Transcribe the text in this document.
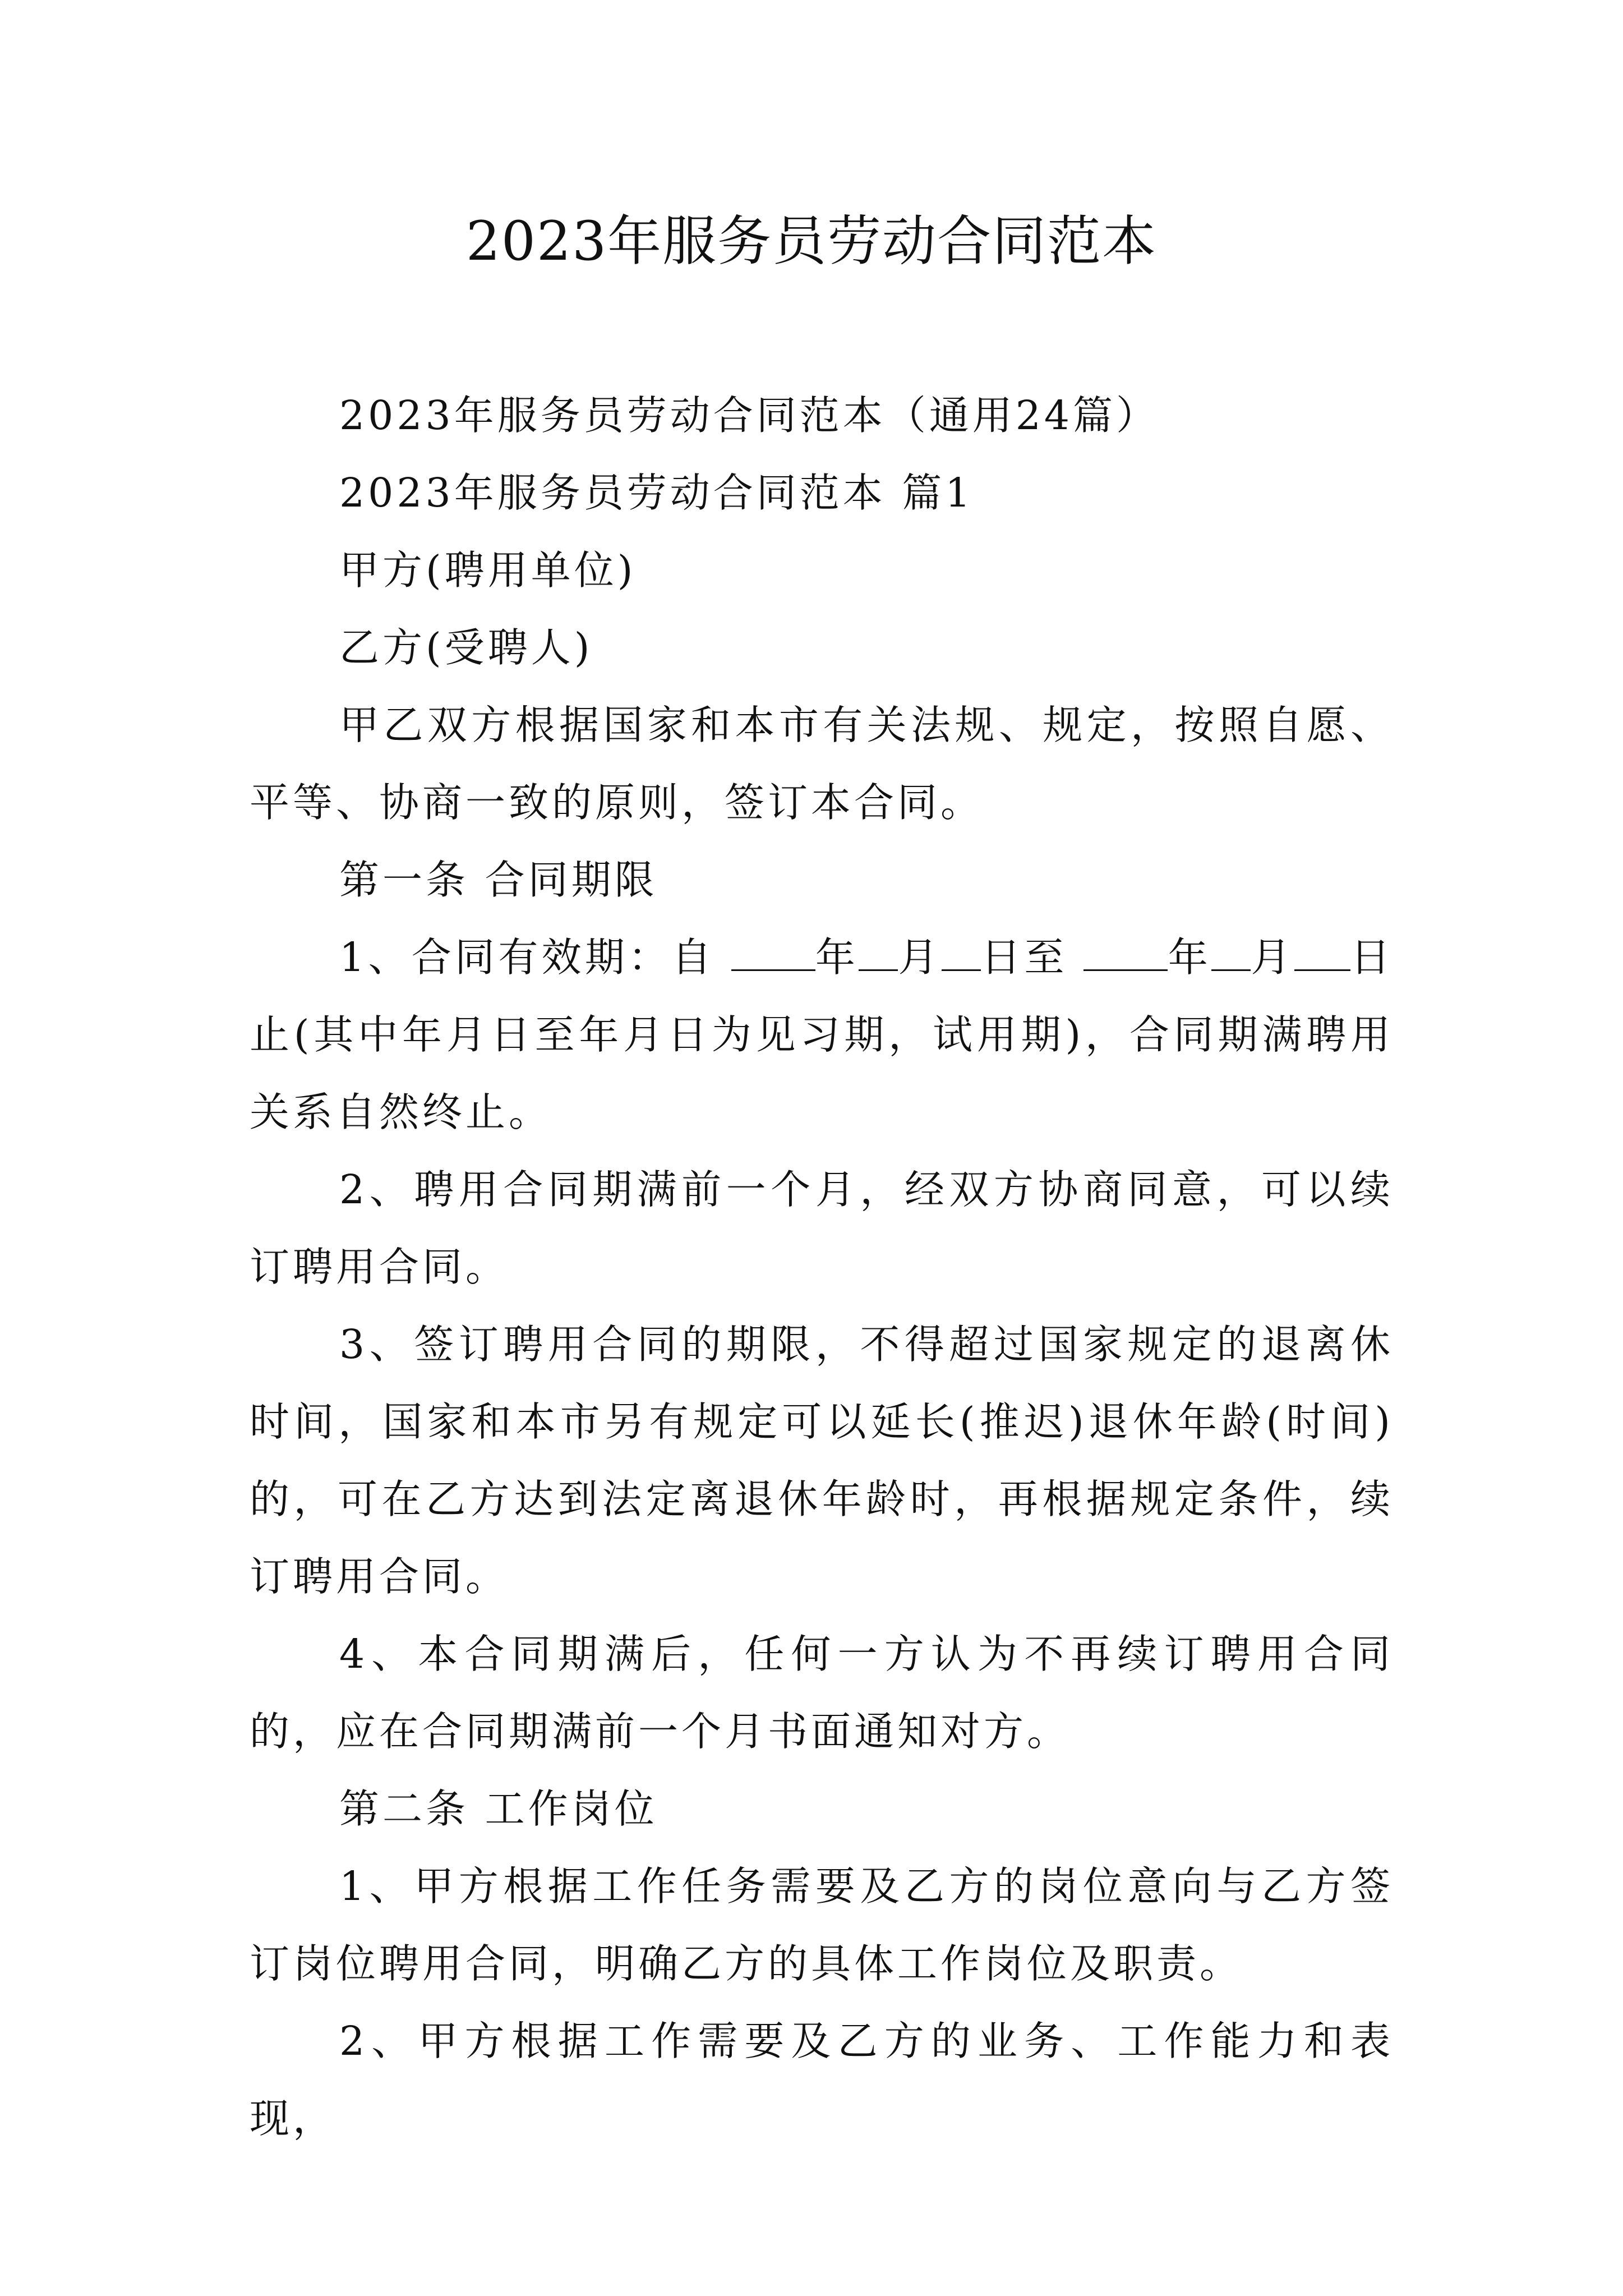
2023年服务员劳动合同范本

2023年服务员劳动合同范本（通用24篇）

2023年服务员劳动合同范本 篇1

甲方(聘用单位)

乙方(受聘人)

甲乙双方根据国家和本市有关法规、规定，按照自愿、平等、协商一致的原则，签订本合同。

第一条 合同期限

1、合同有效期：自 年 月 日至 年 月 日止(其中年月日至年月日为见习期，试用期)，合同期满聘用关系自然终止。

2、聘用合同期满前一个月，经双方协商同意，可以续订聘用合同。

3、签订聘用合同的期限，不得超过国家规定的退离休时间，国家和本市另有规定可以延长(推迟)退休年龄(时间)的，可在乙方达到法定离退休年龄时，再根据规定条件，续订聘用合同。

4、本合同期满后，任何一方认为不再续订聘用合同的，应在合同期满前一个月书面通知对方。

第二条 工作岗位

1、甲方根据工作任务需要及乙方的岗位意向与乙方签订岗位聘用合同，明确乙方的具体工作岗位及职责。

2、甲方根据工作需要及乙方的业务、工作能力和表现，
